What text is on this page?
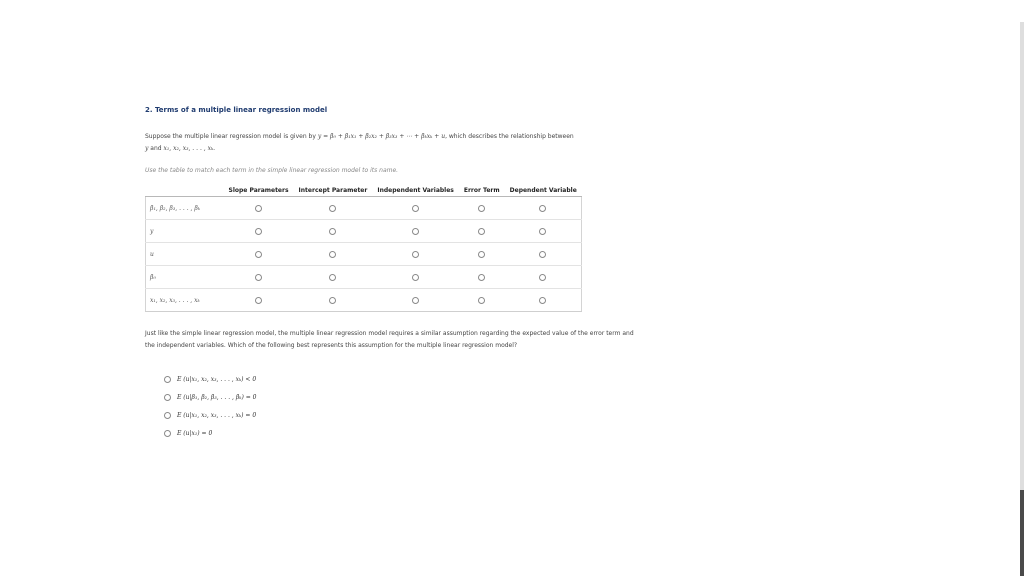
2. Terms of a multiple linear regression model

Suppose the multiple linear regression model is given by y = β₀ + β₁x₁ + β₂x₂ + β₃x₃ + ⋯ + βₖxₖ + u, which describes the relationship between
y and x₁, x₂, x₃, . . . , xₖ.

Use the table to match each term in the simple linear regression model to its name.

	Slope Parameters	Intercept Parameter	Independent Variables	Error Term	Dependent Variable
β₁, β₂, β₃, . . . , βₖ					
y					
u					
β₀					
x₁, x₂, x₃, . . . , xₖ					

Just like the simple linear regression model, the multiple linear regression model requires a similar assumption regarding the expected value of the error term and the independent variables. Which of the following best represents this assumption for the multiple linear regression model?

E (u|x₁, x₂, x₃, . . . , xₖ) < 0
E (u|β₁, β₂, β₃, . . . , βₖ) = 0
E (u|x₁, x₂, x₃, . . . , xₖ) = 0
E (u|x₁) = 0
